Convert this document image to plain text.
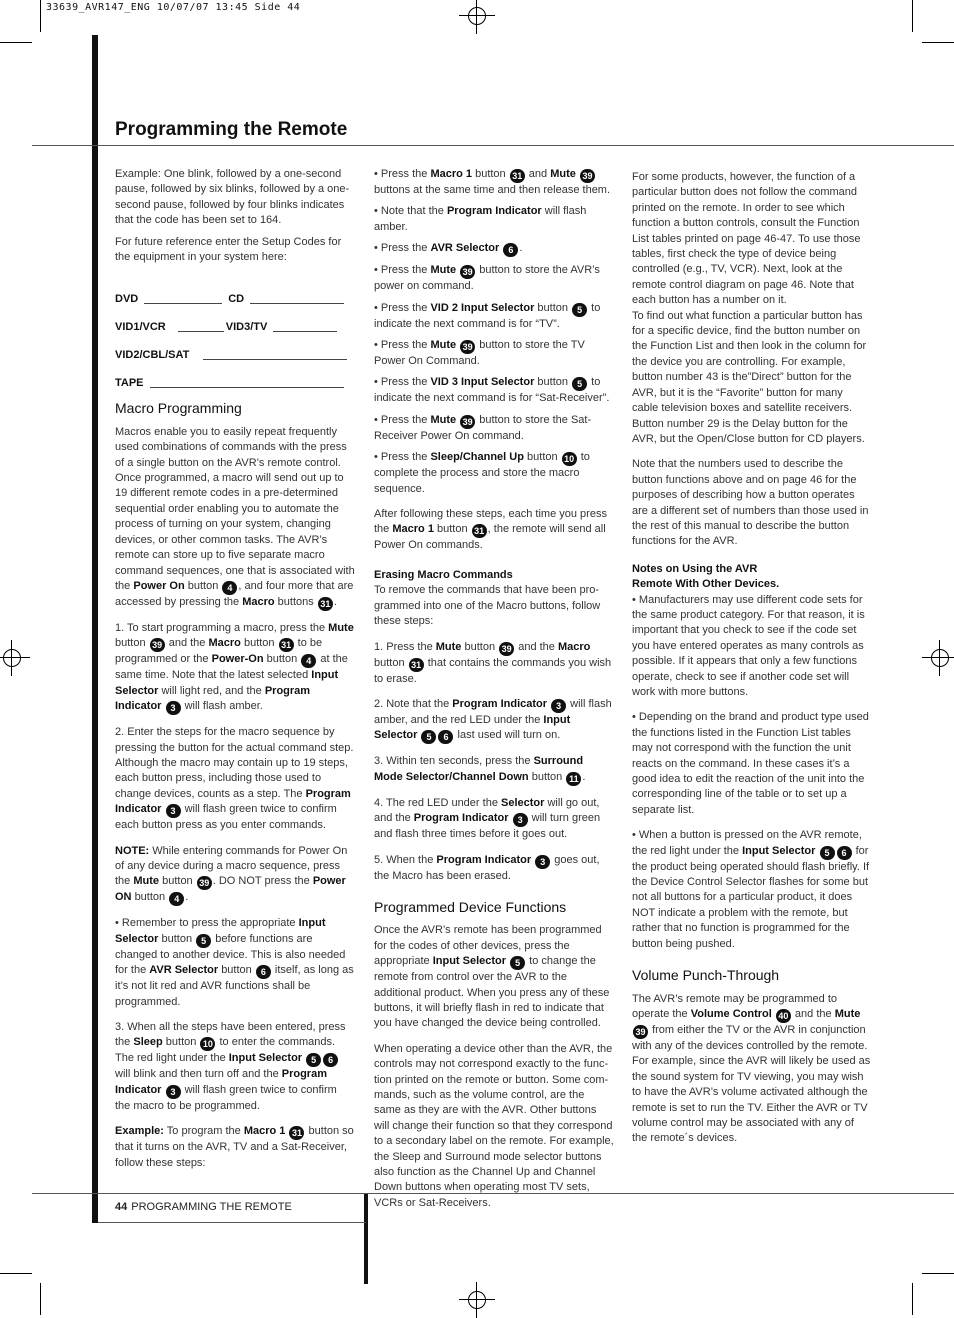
33639_AVR147_ENG 10/07/07 13:45 Side 44
Programming the Remote
44 PROGRAMMING THE REMOTE

Example: One blink, followed by a one-second pause, followed by six blinks, followed by a one-second pause, followed by four blinks indicates that the code has been set to 164.

For future reference enter the Setup Codes for the equipment in your system here:

DVD	CD
VID1/VCR	VID3/TV
VID2/CBL/SAT
TAPE
Macro Programming

Macros enable you to easily repeat frequently used combinations of commands with the press of a single button on the AVR’s remote control. Once programmed, a macro will send out up to 19 different remote codes in a pre-determined sequential order enabling you to automate the process of turning on your system, changing devices, or other common tasks. The AVR’s remote can store up to five separate macro command sequences, one that is associated with the Power On button 4 , and four more that are accessed by pressing the Macro buttons 31 .

1. To start programming a macro, press the Mute button 39 and the Macro button 31 to be programmed or the Power-On button 4 at the same time. Note that the latest selected Input Selector will light red, and the Program Indicator 3 will flash amber.

2. Enter the steps for the macro sequence by pressing the button for the actual command step. Although the macro may contain up to 19 steps, each button press, including those used to change devices, counts as a step. The Program Indicator 3 will flash green twice to confirm each button press as you enter commands.

NOTE: While entering commands for Power On of any device during a macro sequence, press the Mute button 39 . DO NOT press the Power ON button 4 .

• Remember to press the appropriate Input Selector button 5 before functions are changed to another device. This is also needed for the AVR Selector button 6 itself, as long as it’s not lit red and AVR functions shall be programmed.

3. When all the steps have been entered, press the Sleep button 10 to enter the commands. The red light under the Input Selector 5 6 will blink and then turn off and the Program Indicator 3 will flash green twice to confirm the macro to be programmed.

Example: To program the Macro 1 31 button so that it turns on the AVR, TV and a Sat-Receiver, follow these steps:

• Press the Macro 1 button 31 and Mute 39 buttons at the same time and then release them.

• Note that the Program Indicator will flash amber.

• Press the AVR Selector 6 .

• Press the Mute 39 button to store the AVR’s power on command.

• Press the VID 2 Input Selector button 5 to indicate the next command is for “TV”.

• Press the Mute 39 button to store the TV Power On Command.

• Press the VID 3 Input Selector button 5 to indicate the next command is for “Sat-Receiver”.

• Press the Mute 39 button to store the Sat-Receiver Power On command.

• Press the Sleep/Channel Up button 10 to complete the process and store the macro sequence.

After following these steps, each time you press the Macro 1 button 31 , the remote will send all Power On commands.

Erasing Macro Commands

To remove the commands that have been pro-grammed into one of the Macro buttons, follow these steps:

1. Press the Mute button 39 and the Macro button 31 that contains the commands you wish to erase.

2. Note that the Program Indicator 3 will flash amber, and the red LED under the Input Selector 5 6 last used will turn on.

3. Within ten seconds, press the Surround Mode Selector/Channel Down button 11 .

4. The red LED under the Selector will go out, and the Program Indicator 3 will turn green and flash three times before it goes out.

5. When the Program Indicator 3 goes out, the Macro has been erased.

Programmed Device Functions

Once the AVR’s remote has been programmed for the codes of other devices, press the appropriate Input Selector 5 to change the remote from control over the AVR to the additional product. When you press any of these buttons, it will briefly flash in red to indicate that you have changed the device being controlled.

When operating a device other than the AVR, the controls may not correspond exactly to the func-tion printed on the remote or button. Some com-mands, such as the volume control, are the same as they are with the AVR. Other buttons will change their function so that they correspond to a secondary label on the remote. For example, the Sleep and Surround mode selector buttons also function as the Channel Up and Channel Down buttons when operating most TV sets, VCRs or Sat-Receivers.

For some products, however, the function of a particular button does not follow the command printed on the remote. In order to see which function a button controls, consult the Function List tables printed on page 46-47. To use those tables, first check the type of device being controlled (e.g., TV, VCR). Next, look at the remote control diagram on page 46. Note that each button has a number on it.

To find out what function a particular button has for a specific device, find the button number on the Function List and then look in the column for the device you are controlling. For example, button number 43 is the”Direct” button for the AVR, but it is the “Favorite” button for many cable television boxes and satellite receivers. Button number 29 is the Delay button for the AVR, but the Open/Close button for CD players.

Note that the numbers used to describe the button functions above and on page 46 for the purposes of describing how a button operates are a different set of numbers than those used in the rest of this manual to describe the button functions for the AVR.

Notes on Using the AVR
Remote With Other Devices.

• Manufacturers may use different code sets for the same product category. For that reason, it is important that you check to see if the code set you have entered operates as many controls as possible. If it appears that only a few functions operate, check to see if another code set will work with more buttons.

• Depending on the brand and product type used the functions listed in the Function List tables may not correspond with the function the unit reacts on the command. In these cases it’s a good idea to edit the reaction of the unit into the corresponding line of the table or to set up a separate list.

• When a button is pressed on the AVR remote, the red light under the Input Selector 5 6 for the product being operated should flash briefly. If the Device Control Selector flashes for some but not all buttons for a particular product, it does NOT indicate a problem with the remote, but rather that no function is programmed for the button being pushed.

Volume Punch-Through

The AVR’s remote may be programmed to operate the Volume Control 40 and the Mute 39 from either the TV or the AVR in conjunction with any of the devices controlled by the remote. For example, since the AVR will likely be used as the sound system for TV viewing, you may wish to have the AVR’s volume activated although the remote is set to run the TV. Either the AVR or TV volume control may be associated with any of the remote´s devices.
